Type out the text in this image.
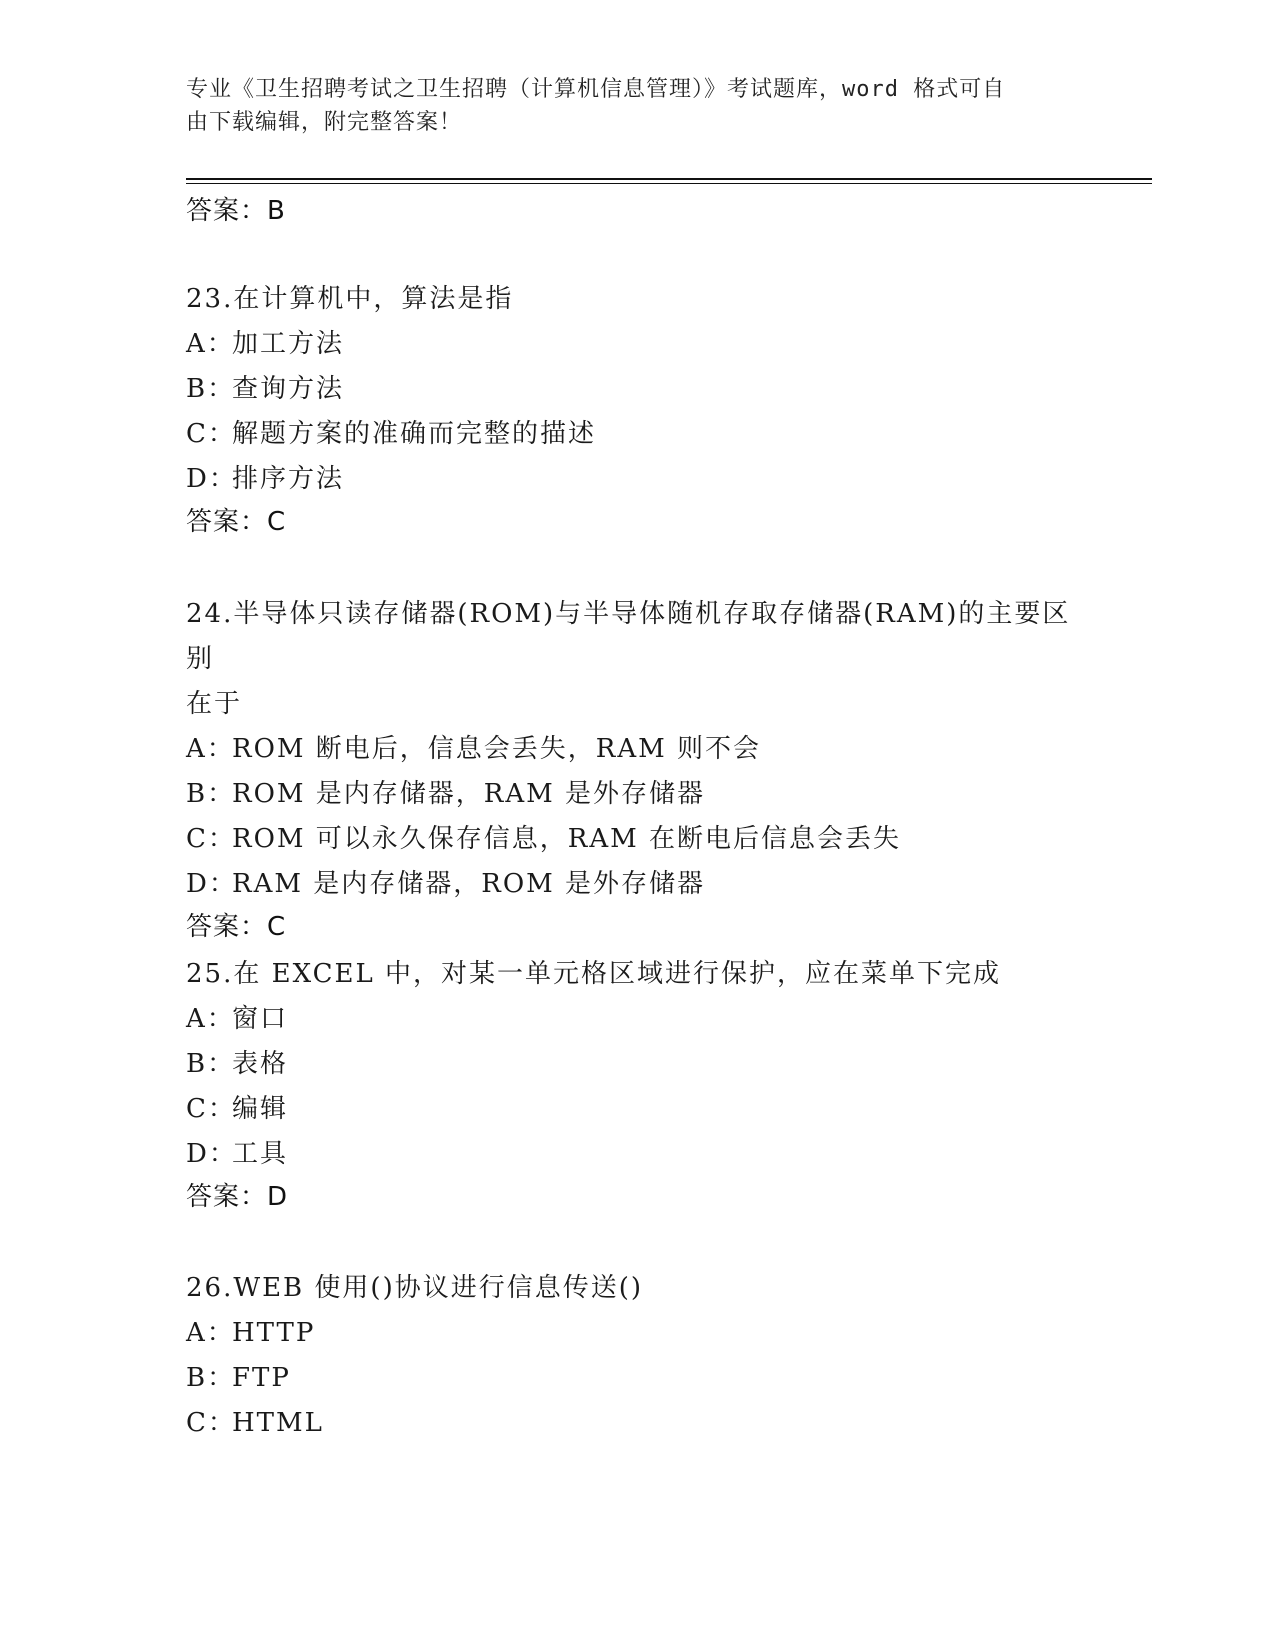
专业《卫生招聘考试之卫生招聘（计算机信息管理）》考试题库，word 格式可自
由下载编辑，附完整答案！
答案：B
23.在计算机中，算法是指
A：加工方法
B：查询方法
C：解题方案的准确而完整的描述
D：排序方法
答案：C
24.半导体只读存储器(ROM)与半导体随机存取存储器(RAM)的主要区别
在于
A：ROM 断电后，信息会丢失，RAM 则不会
B：ROM 是内存储器，RAM 是外存储器
C：ROM 可以永久保存信息，RAM 在断电后信息会丢失
D：RAM 是内存储器，ROM 是外存储器
答案：C
25.在 EXCEL 中，对某一单元格区域进行保护，应在菜单下完成
A：窗口
B：表格
C：编辑
D：工具
答案：D
26.WEB 使用()协议进行信息传送()
A：HTTP
B：FTP
C：HTML
